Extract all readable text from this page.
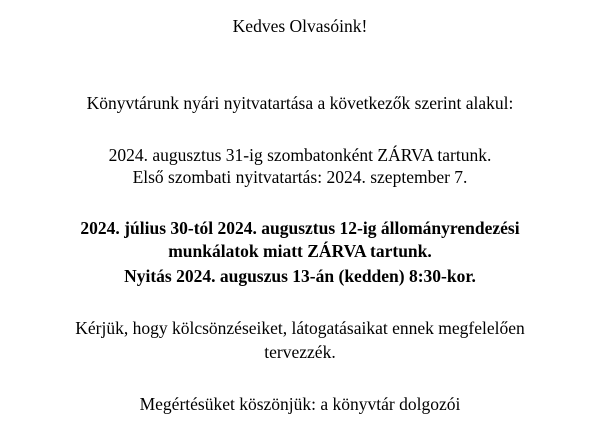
Kedves Olvasóink!
Könyvtárunk nyári nyitvatartása a következők szerint alakul:
2024. augusztus 31-ig szombatonként ZÁRVA tartunk.
Első szombati nyitvatartás: 2024. szeptember 7.
2024. július 30-tól 2024. augusztus 12-ig állományrendezési
munkálatok miatt ZÁRVA tartunk.
Nyitás 2024. auguszus 13-án (kedden) 8:30-kor.
Kérjük, hogy kölcsönzéseiket, látogatásaikat ennek megfelelően
tervezzék.
Megértésüket köszönjük: a könyvtár dolgozói
